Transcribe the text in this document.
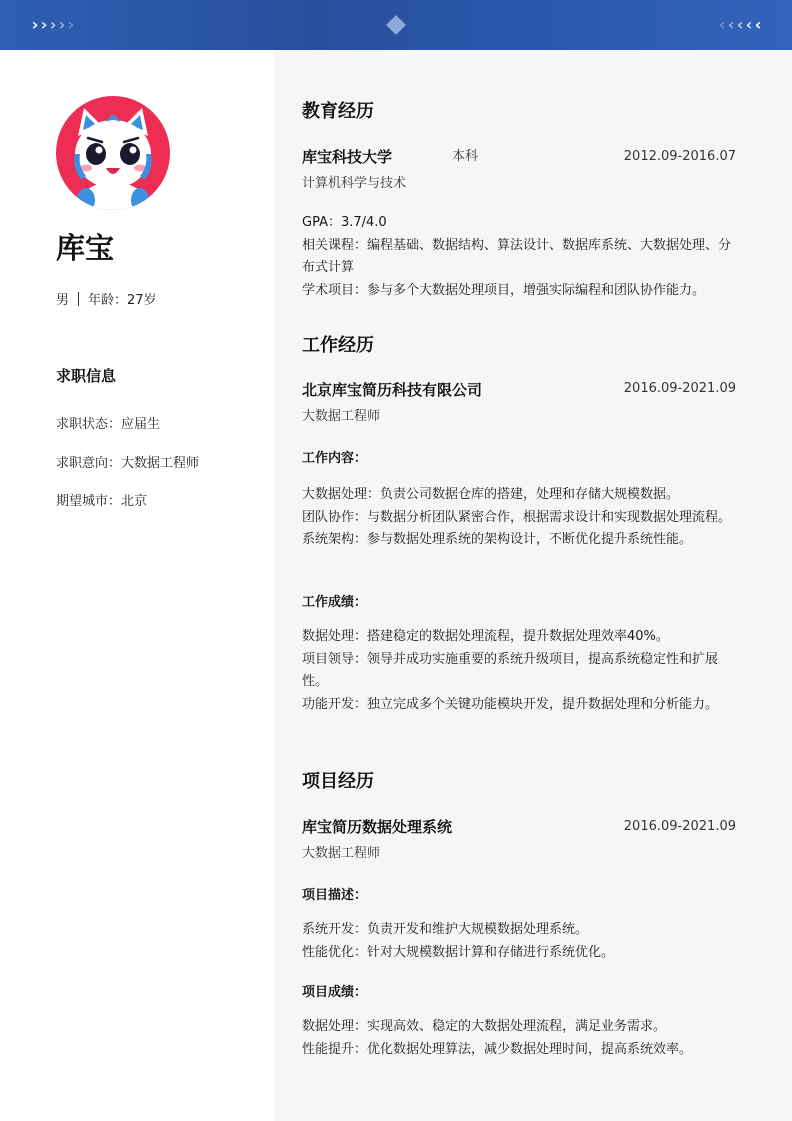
› › › › ›	‹ ‹ ‹ ‹ ‹
库宝
男 年龄：27岁
求职信息
求职状态：应届生
求职意向：大数据工程师
期望城市：北京
教育经历
库宝科技大学	本科	2012.09-2016.07
计算机科学与技术
GPA：3.7/4.0
相关课程：编程基础、数据结构、算法设计、数据库系统、大数据处理、分布式计算
学术项目：参与多个大数据处理项目，增强实际编程和团队协作能力。
工作经历
北京库宝简历科技有限公司	2016.09-2021.09
大数据工程师
工作内容：
大数据处理：负责公司数据仓库的搭建，处理和存储大规模数据。
团队协作：与数据分析团队紧密合作，根据需求设计和实现数据处理流程。
系统架构：参与数据处理系统的架构设计，不断优化提升系统性能。
工作成绩：
数据处理：搭建稳定的数据处理流程，提升数据处理效率40%。
项目领导：领导并成功实施重要的系统升级项目，提高系统稳定性和扩展性。
功能开发：独立完成多个关键功能模块开发，提升数据处理和分析能力。
项目经历
库宝简历数据处理系统	2016.09-2021.09
大数据工程师
项目描述：
系统开发：负责开发和维护大规模数据处理系统。
性能优化：针对大规模数据计算和存储进行系统优化。
项目成绩：
数据处理：实现高效、稳定的大数据处理流程，满足业务需求。
性能提升：优化数据处理算法，减少数据处理时间，提高系统效率。
